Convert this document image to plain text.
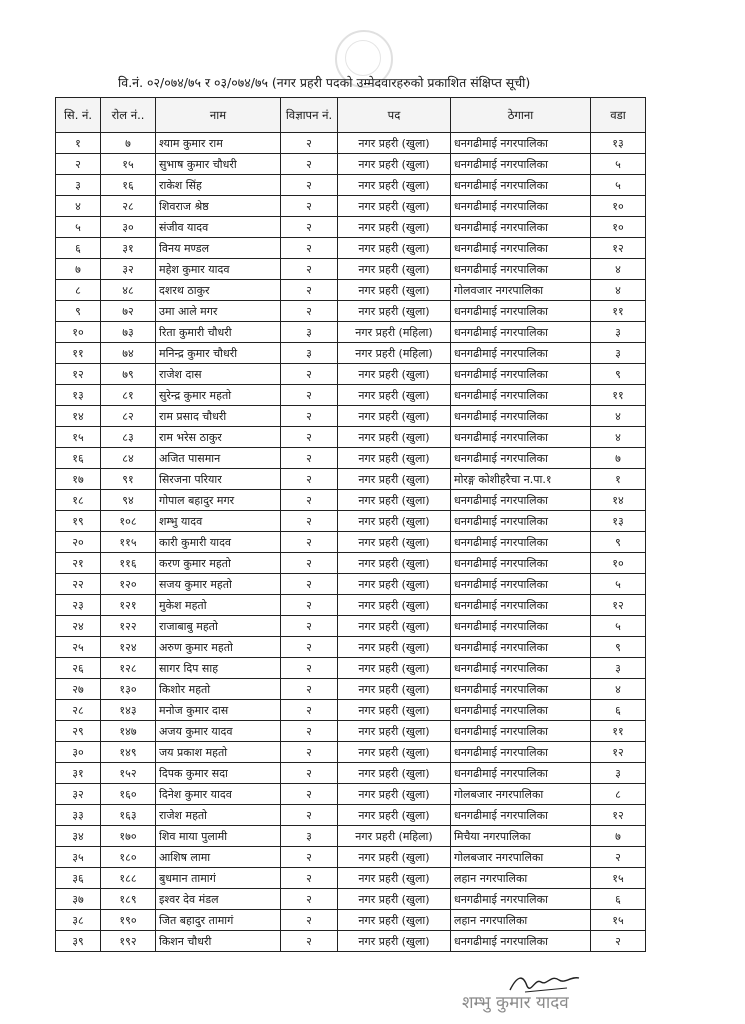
वि.नं. ०२/०७४/७५ र ०३/०७४/७५ (नगर प्रहरी पदको उम्मेदवारहरुको प्रकाशित संक्षिप्त सूची)
सि. नं.	रोल नं..	नाम	विज्ञापन नं.	पद	ठेगाना	वडा
१	७	श्याम कुमार राम	२	नगर प्रहरी (खुला)	धनगढीमाई नगरपालिका	१३
२	१५	सुभाष कुमार चौधरी	२	नगर प्रहरी (खुला)	धनगढीमाई नगरपालिका	५
३	१६	राकेश सिंह	२	नगर प्रहरी (खुला)	धनगढीमाई नगरपालिका	५
४	२८	शिवराज श्रेष्ठ	२	नगर प्रहरी (खुला)	धनगढीमाई नगरपालिका	१०
५	३०	संजीव यादव	२	नगर प्रहरी (खुला)	धनगढीमाई नगरपालिका	१०
६	३१	विनय मण्डल	२	नगर प्रहरी (खुला)	धनगढीमाई नगरपालिका	१२
७	३२	महेश कुमार यादव	२	नगर प्रहरी (खुला)	धनगढीमाई नगरपालिका	४
८	४८	दशरथ ठाकुर	२	नगर प्रहरी (खुला)	गोलवजार नगरपालिका	४
९	७२	उमा आले मगर	२	नगर प्रहरी (खुला)	धनगढीमाई नगरपालिका	११
१०	७३	रिता कुमारी चौधरी	३	नगर प्रहरी (महिला)	धनगढीमाई नगरपालिका	३
११	७४	मनिन्द्र कुमार चौधरी	३	नगर प्रहरी (महिला)	धनगढीमाई नगरपालिका	३
१२	७९	राजेश दास	२	नगर प्रहरी (खुला)	धनगढीमाई नगरपालिका	९
१३	८१	सुरेन्द्र कुमार महतो	२	नगर प्रहरी (खुला)	धनगढीमाई नगरपालिका	११
१४	८२	राम प्रसाद चौधरी	२	नगर प्रहरी (खुला)	धनगढीमाई नगरपालिका	४
१५	८३	राम भरेस ठाकुर	२	नगर प्रहरी (खुला)	धनगढीमाई नगरपालिका	४
१६	८४	अजित पासमान	२	नगर प्रहरी (खुला)	धनगढीमाई नगरपालिका	७
१७	९१	सिरजना परियार	२	नगर प्रहरी (खुला)	मोरङ्ग कोशीहरैचा न.पा.१	१
१८	९४	गोपाल बहादुर मगर	२	नगर प्रहरी (खुला)	धनगढीमाई नगरपालिका	१४
१९	१०८	शम्भु यादव	२	नगर प्रहरी (खुला)	धनगढीमाई नगरपालिका	१३
२०	११५	कारी कुमारी यादव	२	नगर प्रहरी (खुला)	धनगढीमाई नगरपालिका	९
२१	११६	करण कुमार महतो	२	नगर प्रहरी (खुला)	धनगढीमाई नगरपालिका	१०
२२	१२०	सजय कुमार महतो	२	नगर प्रहरी (खुला)	धनगढीमाई नगरपालिका	५
२३	१२१	मुकेश महतो	२	नगर प्रहरी (खुला)	धनगढीमाई नगरपालिका	१२
२४	१२२	राजाबाबु महतो	२	नगर प्रहरी (खुला)	धनगढीमाई नगरपालिका	५
२५	१२४	अरुण कुमार महतो	२	नगर प्रहरी (खुला)	धनगढीमाई नगरपालिका	९
२६	१२८	सागर दिप साह	२	नगर प्रहरी (खुला)	धनगढीमाई नगरपालिका	३
२७	१३०	किशोर महतो	२	नगर प्रहरी (खुला)	धनगढीमाई नगरपालिका	४
२८	१४३	मनोज कुमार दास	२	नगर प्रहरी (खुला)	धनगढीमाई नगरपालिका	६
२९	१४७	अजय कुमार यादव	२	नगर प्रहरी (खुला)	धनगढीमाई नगरपालिका	११
३०	१४९	जय प्रकाश महतो	२	नगर प्रहरी (खुला)	धनगढीमाई नगरपालिका	१२
३१	१५२	दिपक कुमार सदा	२	नगर प्रहरी (खुला)	धनगढीमाई नगरपालिका	३
३२	१६०	दिनेश कुमार यादव	२	नगर प्रहरी (खुला)	गोलबजार नगरपालिका	८
३३	१६३	राजेश महतो	२	नगर प्रहरी (खुला)	धनगढीमाई नगरपालिका	१२
३४	१७०	शिव माया पुलामी	३	नगर प्रहरी (महिला)	मिचैया नगरपालिका	७
३५	१८०	आशिष लामा	२	नगर प्रहरी (खुला)	गोलबजार नगरपालिका	२
३६	१८८	बुधमान तामागं	२	नगर प्रहरी (खुला)	लहान नगरपालिका	१५
३७	१८९	इश्वर देव मंडल	२	नगर प्रहरी (खुला)	धनगढीमाई नगरपालिका	६
३८	१९०	जित बहादुर तामागं	२	नगर प्रहरी (खुला)	लहान नगरपालिका	१५
३९	१९२	किशन चौधरी	२	नगर प्रहरी (खुला)	धनगढीमाई नगरपालिका	२
शम्भु कुमार यादव
